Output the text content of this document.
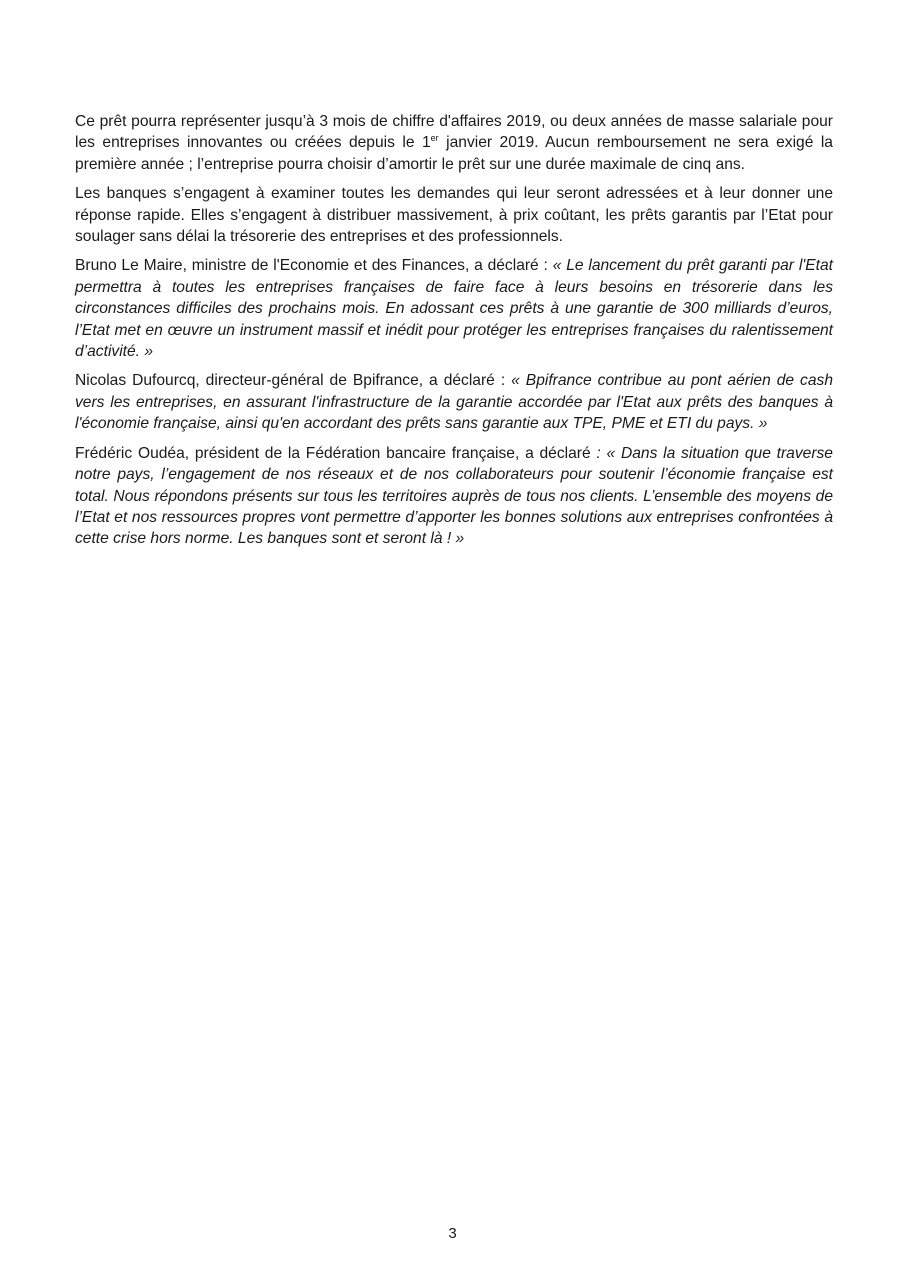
Ce prêt pourra représenter jusqu’à 3 mois de chiffre d'affaires 2019, ou deux années de masse salariale pour les entreprises innovantes ou créées depuis le 1er janvier 2019. Aucun remboursement ne sera exigé la première année ; l’entreprise pourra choisir d’amortir le prêt sur une durée maximale de cinq ans.

Les banques s’engagent à examiner toutes les demandes qui leur seront adressées et à leur donner une réponse rapide. Elles s’engagent à distribuer massivement, à prix coûtant, les prêts garantis par l’Etat pour soulager sans délai la trésorerie des entreprises et des professionnels.

Bruno Le Maire, ministre de l'Economie et des Finances, a déclaré : « Le lancement du prêt garanti par l'Etat permettra à toutes les entreprises françaises de faire face à leurs besoins en trésorerie dans les circonstances difficiles des prochains mois. En adossant ces prêts à une garantie de 300 milliards d’euros, l’Etat met en œuvre un instrument massif et inédit pour protéger les entreprises françaises du ralentissement d’activité. »

Nicolas Dufourcq, directeur-général de Bpifrance, a déclaré : « Bpifrance contribue au pont aérien de cash vers les entreprises, en assurant l'infrastructure de la garantie accordée par l'Etat aux prêts des banques à l'économie française, ainsi qu'en accordant des prêts sans garantie aux TPE, PME et ETI du pays. »

Frédéric Oudéa, président de la Fédération bancaire française, a déclaré : « Dans la situation que traverse notre pays, l’engagement de nos réseaux et de nos collaborateurs pour soutenir l’économie française est total. Nous répondons présents sur tous les territoires auprès de tous nos clients. L’ensemble des moyens de l’Etat et nos ressources propres vont permettre d’apporter les bonnes solutions aux entreprises confrontées à cette crise hors norme. Les banques sont et seront là ! »

3
